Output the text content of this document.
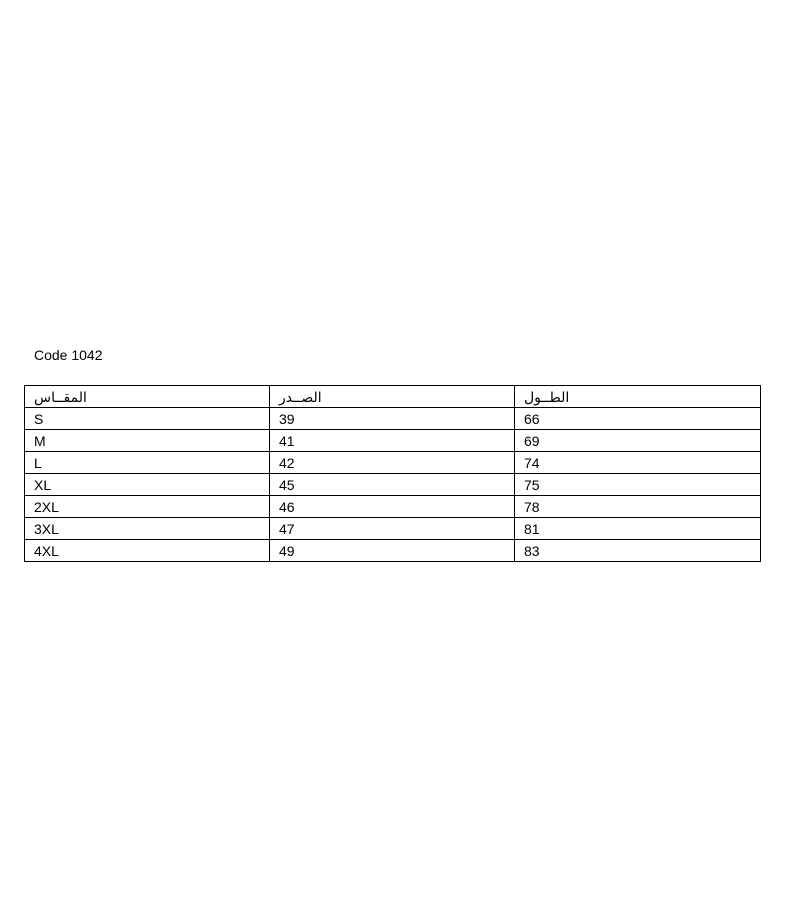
Code 1042
المقــاس	الصــدر	الطــول
S	39	66
M	41	69
L	42	74
XL	45	75
2XL	46	78
3XL	47	81
4XL	49	83
